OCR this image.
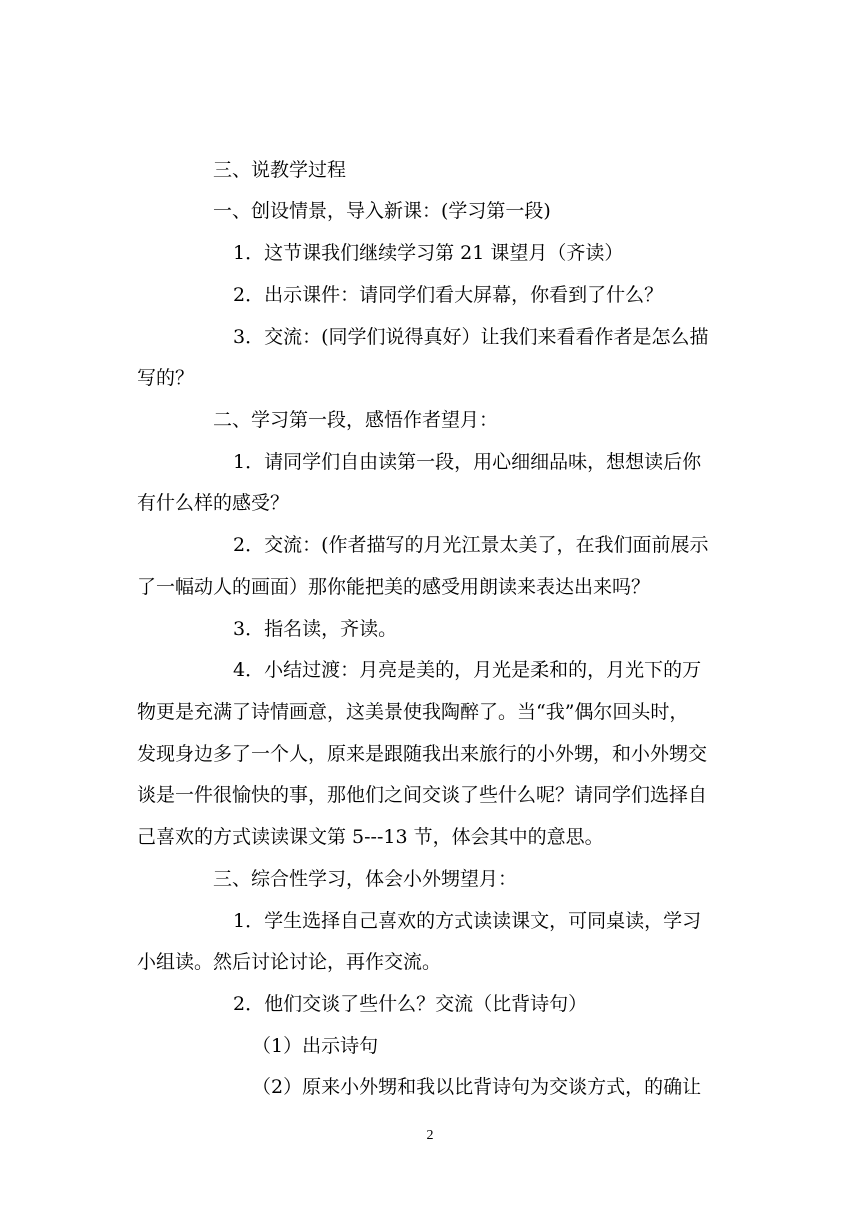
三、说教学过程
一、创设情景，导入新课：(学习第一段)
1．这节课我们继续学习第 21 课望月（齐读）
2．出示课件：请同学们看大屏幕，你看到了什么？
3．交流：(同学们说得真好）让我们来看看作者是怎么描
写的？
二、学习第一段，感悟作者望月：
1．请同学们自由读第一段，用心细细品味，想想读后你
有什么样的感受？
2．交流：(作者描写的月光江景太美了，在我们面前展示
了一幅动人的画面）那你能把美的感受用朗读来表达出来吗？
3．指名读，齐读。
4．小结过渡：月亮是美的，月光是柔和的，月光下的万
物更是充满了诗情画意，这美景使我陶醉了。当“我”偶尔回头时，
发现身边多了一个人，原来是跟随我出来旅行的小外甥，和小外甥交
谈是一件很愉快的事，那他们之间交谈了些什么呢？请同学们选择自
己喜欢的方式读读课文第 5---13 节，体会其中的意思。
三、综合性学习，体会小外甥望月：
1．学生选择自己喜欢的方式读读课文，可同桌读，学习
小组读。然后讨论讨论，再作交流。
2．他们交谈了些什么？交流（比背诗句）
（1）出示诗句
（2）原来小外甥和我以比背诗句为交谈方式，的确让
2
